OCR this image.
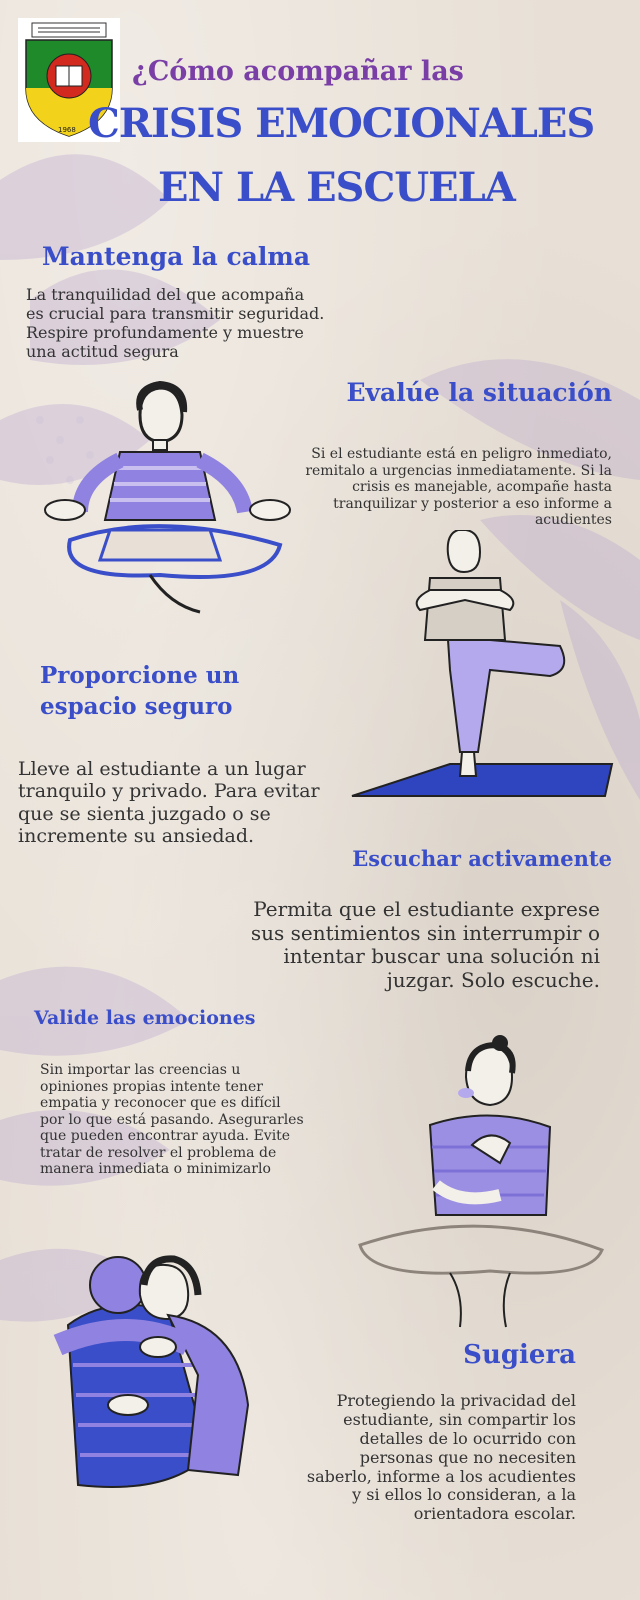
1968
¿Cómo acompañar las
CRISIS EMOCIONALES
EN LA ESCUELA
Mantenga la calma
La tranquilidad del que acompaña es crucial para transmitir seguridad. Respire profundamente y muestre una actitud segura
Evalúe la situación
Si el estudiante está en peligro inmediato, remitalo a urgencias inmediatamente. Si la crisis es manejable, acompañe hasta tranquilizar y posterior a eso informe a acudientes
Proporcione un espacio seguro
Lleve al estudiante a un lugar tranquilo y privado. Para evitar que se sienta juzgado o se incremente su ansiedad.
Escuchar activamente
Permita que el estudiante exprese sus sentimientos sin interrumpir o intentar buscar una solución ni juzgar. Solo escuche.
Valide las emociones
Sin importar las creencias u opiniones propias intente tener empatia y reconocer que es difícil por lo que está pasando. Asegurarles que pueden encontrar ayuda. Evite tratar de resolver el problema de manera inmediata o minimizarlo
Sugiera
Protegiendo la privacidad del estudiante, sin compartir los detalles de lo ocurrido con personas que no necesiten saberlo, informe a los acudientes y si ellos lo consideran, a la orientadora escolar.
